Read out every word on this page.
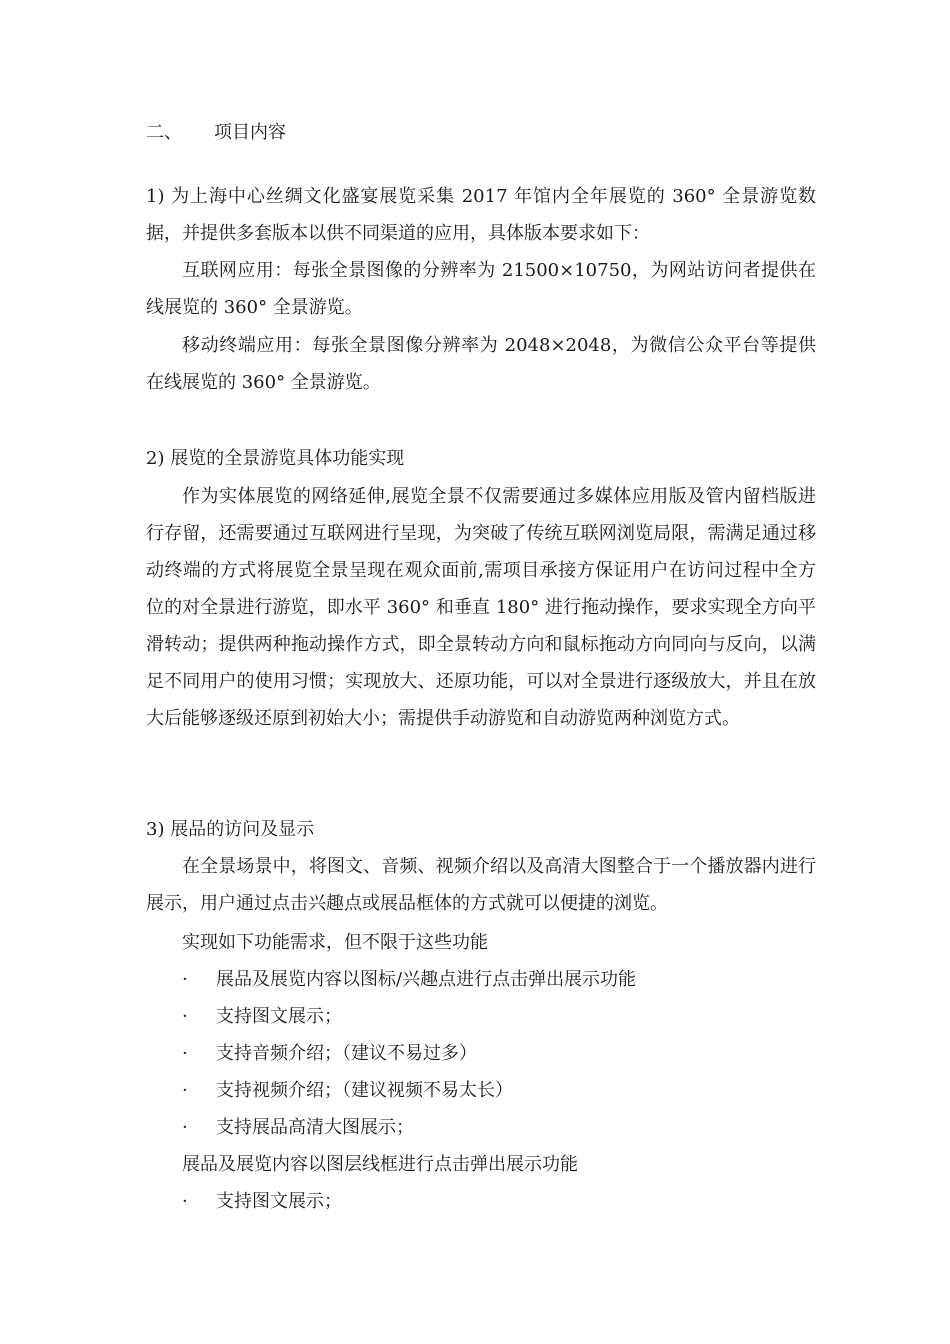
二、 项目内容
1) 为上海中心丝绸文化盛宴展览采集 2017 年馆内全年展览的 360° 全景游览数据，并提供多套版本以供不同渠道的应用，具体版本要求如下：
互联网应用：每张全景图像的分辨率为 21500×10750，为网站访问者提供在线展览的 360° 全景游览。
移动终端应用：每张全景图像分辨率为 2048×2048，为微信公众平台等提供在线展览的 360° 全景游览。
2) 展览的全景游览具体功能实现
作为实体展览的网络延伸,展览全景不仅需要通过多媒体应用版及管内留档版进行存留，还需要通过互联网进行呈现，为突破了传统互联网浏览局限，需满足通过移动终端的方式将展览全景呈现在观众面前,需项目承接方保证用户在访问过程中全方位的对全景进行游览，即水平 360° 和垂直 180° 进行拖动操作，要求实现全方向平滑转动；提供两种拖动操作方式，即全景转动方向和鼠标拖动方向同向与反向，以满足不同用户的使用习惯；实现放大、还原功能，可以对全景进行逐级放大，并且在放大后能够逐级还原到初始大小；需提供手动游览和自动游览两种浏览方式。
3) 展品的访问及显示
在全景场景中，将图文、音频、视频介绍以及高清大图整合于一个播放器内进行展示，用户通过点击兴趣点或展品框体的方式就可以便捷的浏览。
实现如下功能需求，但不限于这些功能
· 展品及展览内容以图标/兴趣点进行点击弹出展示功能
· 支持图文展示；
· 支持音频介绍；（建议不易过多）
· 支持视频介绍；（建议视频不易太长）
· 支持展品高清大图展示；
展品及展览内容以图层线框进行点击弹出展示功能
· 支持图文展示；
